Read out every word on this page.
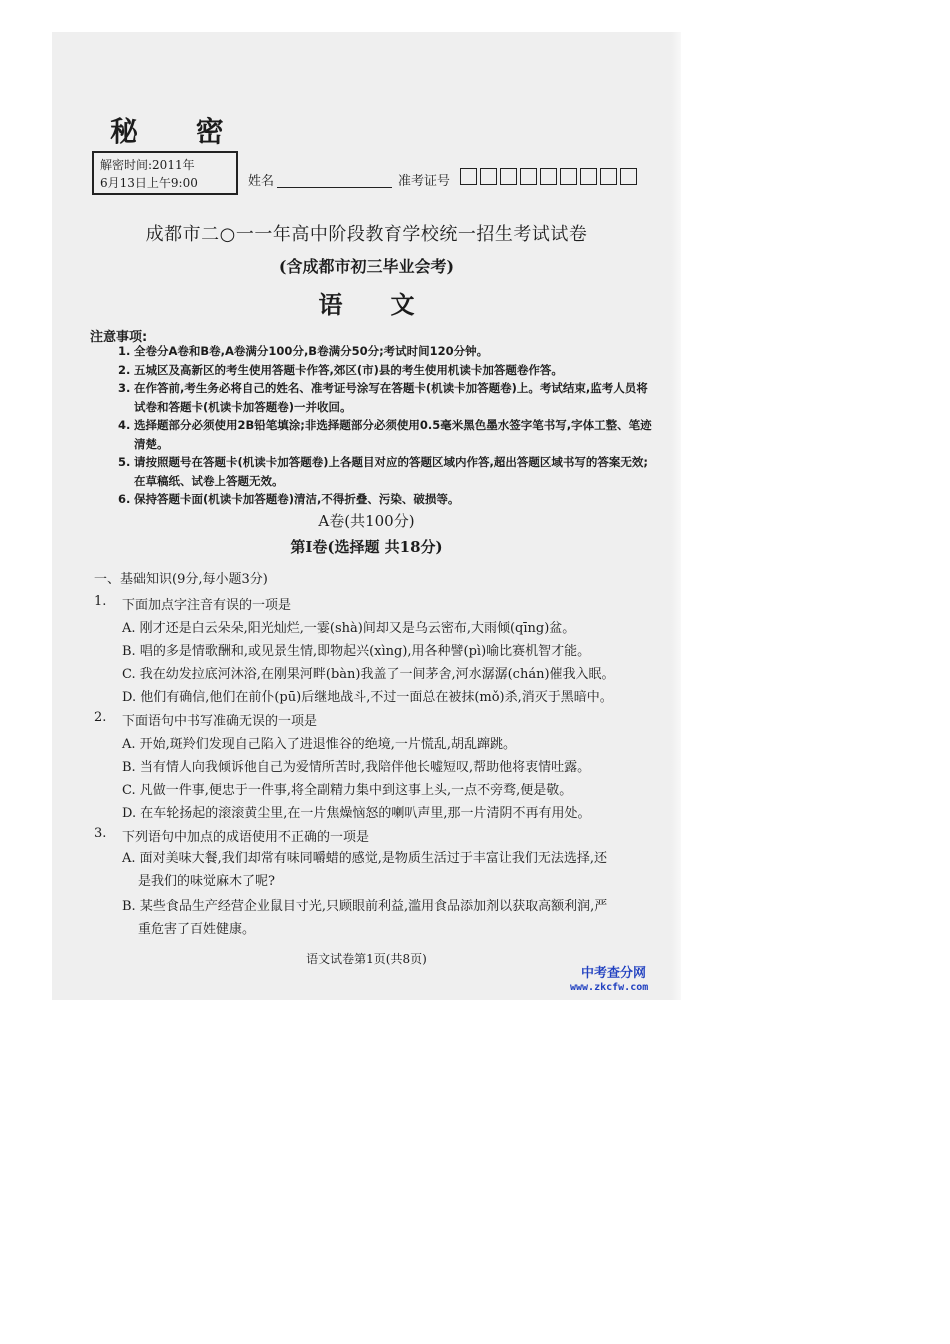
秘 密
解密时间:2011年
6月13日上午9:00	姓名	准考证号
成都市二○一一年高中阶段教育学校统一招生考试试卷
(含成都市初三毕业会考)
语文
注意事项:
1. 全卷分A卷和B卷,A卷满分100分,B卷满分50分;考试时间120分钟。
2. 五城区及高新区的考生使用答题卡作答,郊区(市)县的考生使用机读卡加答题卷作答。
3. 在作答前,考生务必将自己的姓名、准考证号涂写在答题卡(机读卡加答题卷)上。考试结束,监考人员将试卷和答题卡(机读卡加答题卷)一并收回。
4. 选择题部分必须使用2B铅笔填涂;非选择题部分必须使用0.5毫米黑色墨水签字笔书写,字体工整、笔迹清楚。
5. 请按照题号在答题卡(机读卡加答题卷)上各题目对应的答题区域内作答,超出答题区域书写的答案无效;在草稿纸、试卷上答题无效。
6. 保持答题卡面(机读卡加答题卷)清洁,不得折叠、污染、破损等。
A卷(共100分)
第Ⅰ卷(选择题 共18分)
一、基础知识(9分,每小题3分)
1. 下面加点字注音有误的一项是
A. 刚才还是白云朵朵,阳光灿烂,一霎(shà)间却又是乌云密布,大雨倾(qīng)盆。
B. 唱的多是情歌酬和,或见景生情,即物起兴(xìng),用各种譬(pì)喻比赛机智才能。
C. 我在幼发拉底河沐浴,在刚果河畔(bàn)我盖了一间茅舍,河水潺潺(chán)催我入眠。
D. 他们有确信,他们在前仆(pū)后继地战斗,不过一面总在被抹(mǒ)杀,消灭于黑暗中。
2. 下面语句中书写准确无误的一项是
A. 开始,斑羚们发现自己陷入了进退惟谷的绝境,一片慌乱,胡乱蹿跳。
B. 当有情人向我倾诉他自己为爱情所苦时,我陪伴他长嘘短叹,帮助他将衷情吐露。
C. 凡做一件事,便忠于一件事,将全副精力集中到这事上头,一点不旁骛,便是敬。
D. 在车轮扬起的滚滚黄尘里,在一片焦燥恼怒的喇叭声里,那一片清阴不再有用处。
3. 下列语句中加点的成语使用不正确的一项是
A. 面对美味大餐,我们却常有味同嚼蜡的感觉,是物质生活过于丰富让我们无法选择,还
是我们的味觉麻木了呢?
B. 某些食品生产经营企业鼠目寸光,只顾眼前利益,滥用食品添加剂以获取高额利润,严
重危害了百姓健康。
语文试卷第1页(共8页)
中考查分网
www.zkcfw.com
